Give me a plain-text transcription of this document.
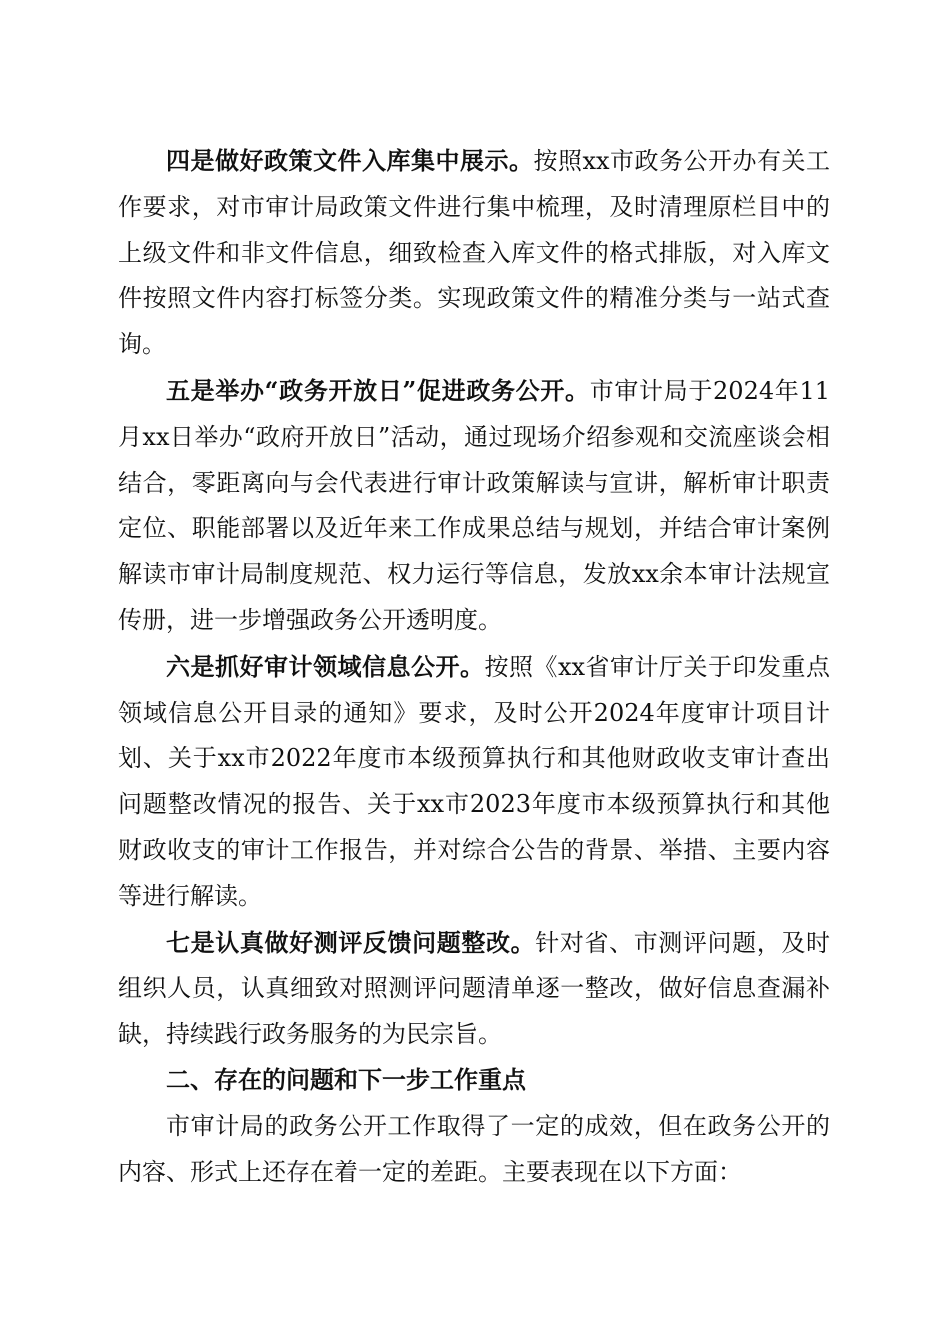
四是做好政策文件入库集中展示。按照xx市政务公开办有关工作要求，对市审计局政策文件进行集中梳理，及时清理原栏目中的上级文件和非文件信息，细致检查入库文件的格式排版，对入库文件按照文件内容打标签分类。实现政策文件的精准分类与一站式查询。

五是举办“政务开放日”促进政务公开。市审计局于2024年11月xx日举办“政府开放日”活动，通过现场介绍参观和交流座谈会相结合，零距离向与会代表进行审计政策解读与宣讲，解析审计职责定位、职能部署以及近年来工作成果总结与规划，并结合审计案例解读市审计局制度规范、权力运行等信息，发放xx余本审计法规宣传册，进一步增强政务公开透明度。

六是抓好审计领域信息公开。按照《xx省审计厅关于印发重点领域信息公开目录的通知》要求，及时公开2024年度审计项目计划、关于xx市2022年度市本级预算执行和其他财政收支审计查出问题整改情况的报告、关于xx市2023年度市本级预算执行和其他财政收支的审计工作报告，并对综合公告的背景、举措、主要内容等进行解读。

七是认真做好测评反馈问题整改。针对省、市测评问题，及时组织人员，认真细致对照测评问题清单逐一整改，做好信息查漏补缺，持续践行政务服务的为民宗旨。

二、存在的问题和下一步工作重点

市审计局的政务公开工作取得了一定的成效，但在政务公开的内容、形式上还存在着一定的差距。主要表现在以下方面：
